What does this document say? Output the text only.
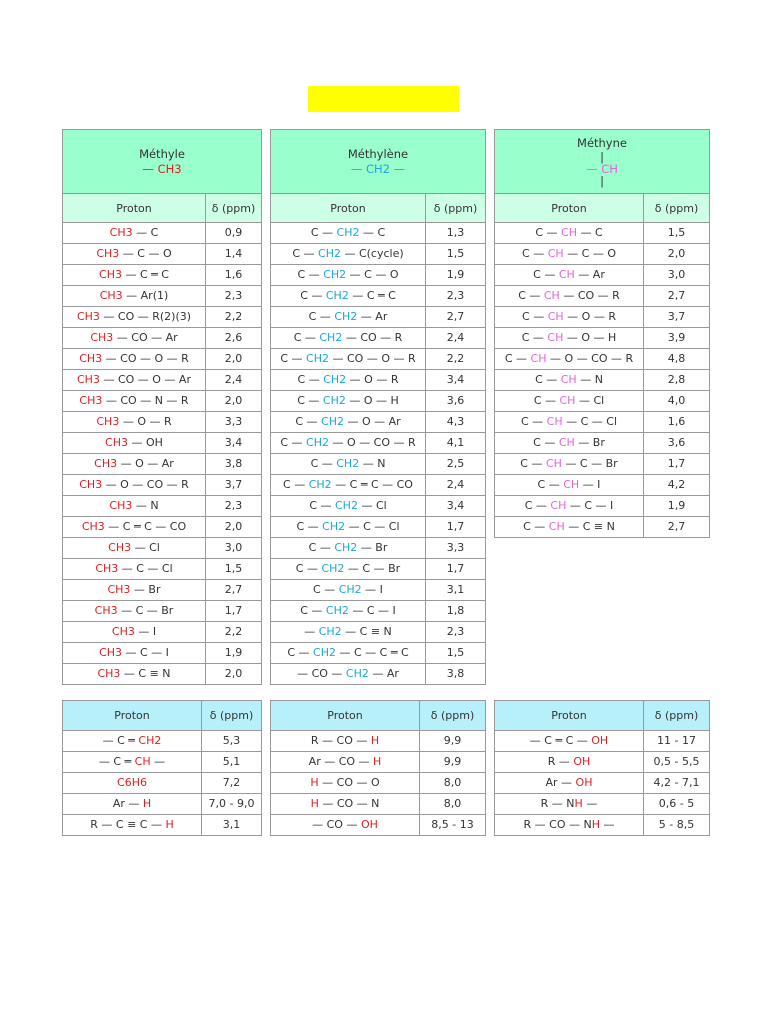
Méthyle
— CH3	

Proton	δ (ppm)
CH3 — C	0,9
CH3 — C — O	1,4
CH3 — C ═ C	1,6
CH3 — Ar(1)	2,3
CH3 — CO — R(2)(3)	2,2
CH3 — CO — Ar	2,6
CH3 — CO — O — R	2,0
CH3 — CO — O — Ar	2,4
CH3 — CO — N — R	2,0
CH3 — O — R	3,3
CH3 — OH	3,4
CH3 — O — Ar	3,8
CH3 — O — CO — R	3,7
CH3 — N	2,3
CH3 — C ═ C — CO	2,0
CH3 — Cl	3,0
CH3 — C — Cl	1,5
CH3 — Br	2,7
CH3 — C — Br	1,7
CH3 — I	2,2
CH3 — C — I	1,9
CH3 — C ≡ N	2,0
Méthylène
— CH2 —	

Proton	δ (ppm)
C — CH2 — C	1,3
C — CH2 — C(cycle)	1,5
C — CH2 — C — O	1,9
C — CH2 — C ═ C	2,3
C — CH2 — Ar	2,7
C — CH2 — CO — R	2,4
C — CH2 — CO — O — R	2,2
C — CH2 — O — R	3,4
C — CH2 — O — H	3,6
C — CH2 — O — Ar	4,3
C — CH2 — O — CO — R	4,1
C — CH2 — N	2,5
C — CH2 — C ═ C — CO	2,4
C — CH2 — Cl	3,4
C — CH2 — C — Cl	1,7
C — CH2 — Br	3,3
C — CH2 — C — Br	1,7
C — CH2 — I	3,1
C — CH2 — C — I	1,8
— CH2 — C ≡ N	2,3
C — CH2 — C — C ═ C	1,5
— CO — CH2 — Ar	3,8
Méthyne
|
— CH
|	

Proton	δ (ppm)
C — CH — C	1,5
C — CH — C — O	2,0
C — CH — Ar	3,0
C — CH — CO — R	2,7
C — CH — O — R	3,7
C — CH — O — H	3,9
C — CH — O — CO — R	4,8
C — CH — N	2,8
C — CH — Cl	4,0
C — CH — C — Cl	1,6
C — CH — Br	3,6
C — CH — C — Br	1,7
C — CH — I	4,2
C — CH — C — I	1,9
C — CH — C ≡ N	2,7
Proton	δ (ppm)
— C ═ CH2	5,3
— C ═ CH —	5,1
C6H6	7,2
Ar — H	7,0 - 9,0
R — C ≡ C — H	3,1
Proton	δ (ppm)
R — CO — H	9,9
Ar — CO — H	9,9
H — CO — O	8,0
H — CO — N	8,0
— CO — OH	8,5 - 13
Proton	δ (ppm)
— C ═ C — OH	11 - 17
R — OH	0,5 - 5,5
Ar — OH	4,2 - 7,1
R — NH —	0,6 - 5
R — CO — NH —	5 - 8,5
